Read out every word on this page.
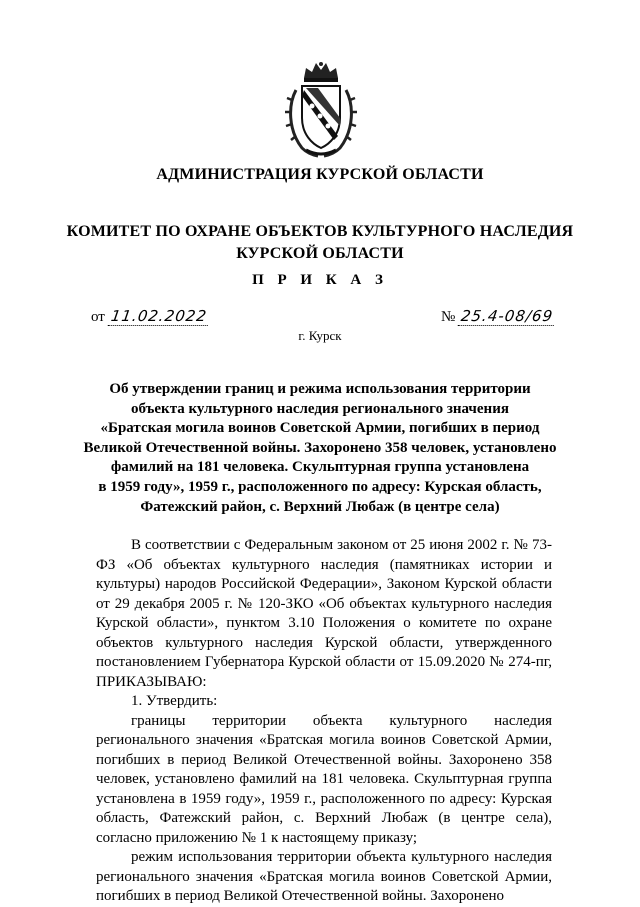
АДМИНИСТРАЦИЯ КУРСКОЙ ОБЛАСТИ
КОМИТЕТ ПО ОХРАНЕ ОБЪЕКТОВ КУЛЬТУРНОГО НАСЛЕДИЯ
КУРСКОЙ ОБЛАСТИ
П Р И К А З
от 11.02.2022	№ 25.4-08/69
г. Курск
Об утверждении границ и режима использования территории
объекта культурного наследия регионального значения
«Братская могила воинов Советской Армии, погибших в период
Великой Отечественной войны. Захоронено 358 человек, установлено
фамилий на 181 человека. Скульптурная группа установлена
в 1959 году», 1959 г., расположенного по адресу: Курская область,
Фатежский район, с. Верхний Любаж (в центре села)

В соответствии с Федеральным законом от 25 июня 2002 г. № 73-ФЗ «Об объектах культурного наследия (памятниках истории и культуры) народов Российской Федерации», Законом Курской области от 29 декабря 2005 г. № 120-ЗКО «Об объектах культурного наследия Курской области», пунктом 3.10 Положения о комитете по охране объектов культурного наследия Курской области, утвержденного постановлением Губернатора Курской области от 15.09.2020 № 274-пг, ПРИКАЗЫВАЮ:

1. Утвердить:

границы территории объекта культурного наследия регионального значения «Братская могила воинов Советской Армии, погибших в период Великой Отечественной войны. Захоронено 358 человек, установлено фамилий на 181 человека. Скульптурная группа установлена в 1959 году», 1959 г., расположенного по адресу: Курская область, Фатежский район, с. Верхний Любаж (в центре села), согласно приложению № 1 к настоящему приказу;

режим использования территории объекта культурного наследия регионального значения «Братская могила воинов Советской Армии, погибших в период Великой Отечественной войны. Захоронено
